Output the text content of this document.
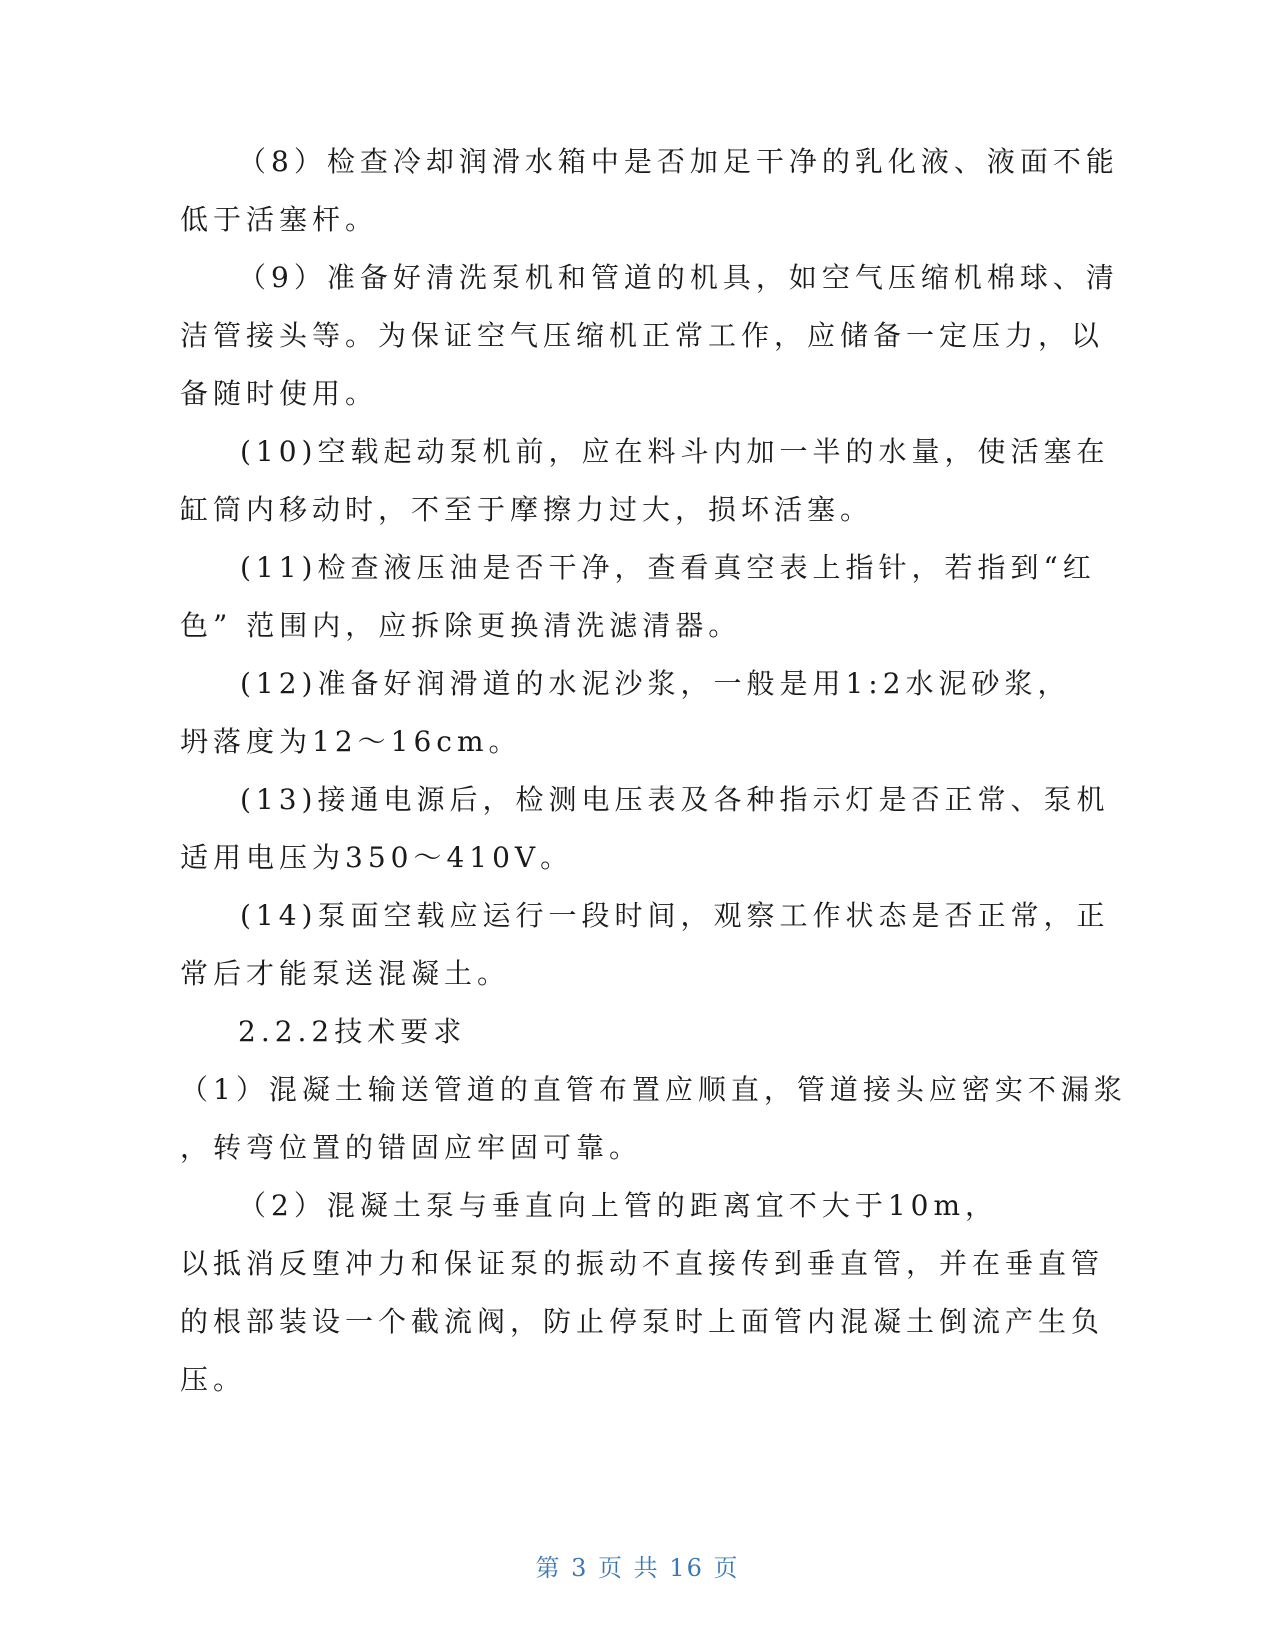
（8）检查冷却润滑水箱中是否加足干净的乳化液、液面不能
低于活塞杆。
（9）准备好清洗泵机和管道的机具，如空气压缩机棉球、清
洁管接头等。为保证空气压缩机正常工作，应储备一定压力，以
备随时使用。
(10)空载起动泵机前，应在料斗内加一半的水量，使活塞在
缸筒内移动时，不至于摩擦力过大，损坏活塞。
(11)检查液压油是否干净，查看真空表上指针，若指到“红
色” 范围内，应拆除更换清洗滤清器。
(12)准备好润滑道的水泥沙浆，一般是用1:2水泥砂浆，
坍落度为12～16cm。
(13)接通电源后，检测电压表及各种指示灯是否正常、泵机
适用电压为350～410V。
(14)泵面空载应运行一段时间，观察工作状态是否正常，正
常后才能泵送混凝土。
2.2.2技术要求
（1）混凝土输送管道的直管布置应顺直，管道接头应密实不漏浆
，转弯位置的错固应牢固可靠。
（2）混凝土泵与垂直向上管的距离宜不大于10m，
以抵消反堕冲力和保证泵的振动不直接传到垂直管，并在垂直管
的根部装设一个截流阀，防止停泵时上面管内混凝土倒流产生负
压。
第 3 页 共 16 页
